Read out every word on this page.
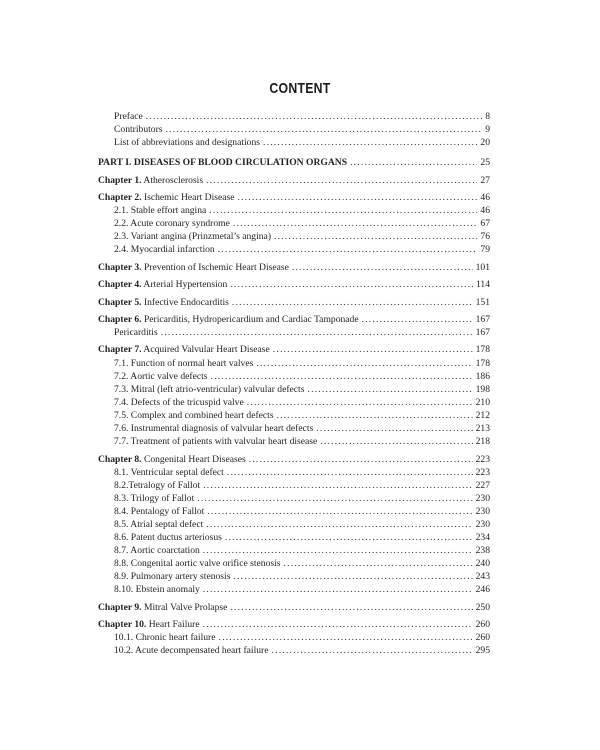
CONTENT
Preface . . .	8
Contributors . . .	9
List of abbreviations and designations . . .	20
PART I. DISEASES OF BLOOD CIRCULATION ORGANS . . .	25
Chapter 1. Atherosclerosis . . .	27
Chapter 2. Ischemic Heart Disease . . .	46
2.1. Stable effort angina . . .	46
2.2. Acute coronary syndrome . . .	67
2.3. Variant angina (Prinzmetal’s angina) . . .	76
2.4. Myocardial infarction . . .	79
Chapter 3. Prevention of Ischemic Heart Disease . . .	101
Chapter 4. Arterial Hypertension . . .	114
Chapter 5. Infective Endocarditis . . .	151
Chapter 6. Pericarditis, Hydropericardium and Cardiac Tamponade . . .	167
Pericarditis . . .	167
Chapter 7. Acquired Valvular Heart Disease . . .	178
7.1. Function of normal heart valves . . .	178
7.2. Aortic valve defects . . .	186
7.3. Mitral (left atrio-ventricular) valvular defects . . .	198
7.4. Defects of the tricuspid valve . . .	210
7.5. Complex and combined heart defects . . .	212
7.6. Instrumental diagnosis of valvular heart defects . . .	213
7.7. Treatment of patients with valvular heart disease . . .	218
Chapter 8. Congenital Heart Diseases . . .	223
8.1. Ventricular septal defect . . .	223
8.2.Tetralogy of Fallot . . .	227
8.3. Trilogy of Fallot . . .	230
8.4. Pentalogy of Fallot . . .	230
8.5. Atrial septal defect . . .	230
8.6. Patent ductus arteriosus . . .	234
8.7. Aortic coarctation . . .	238
8.8. Congenital aortic valve orifice stenosis . . .	240
8.9. Pulmonary artery stenosis . . .	243
8.10. Ebstein anomaly . . .	246
Chapter 9. Mitral Valve Prolapse . . .	250
Chapter 10. Heart Failure . . .	260
10.1. Chronic heart failure . . .	260
10.2. Acute decompensated heart failure . . .	295
